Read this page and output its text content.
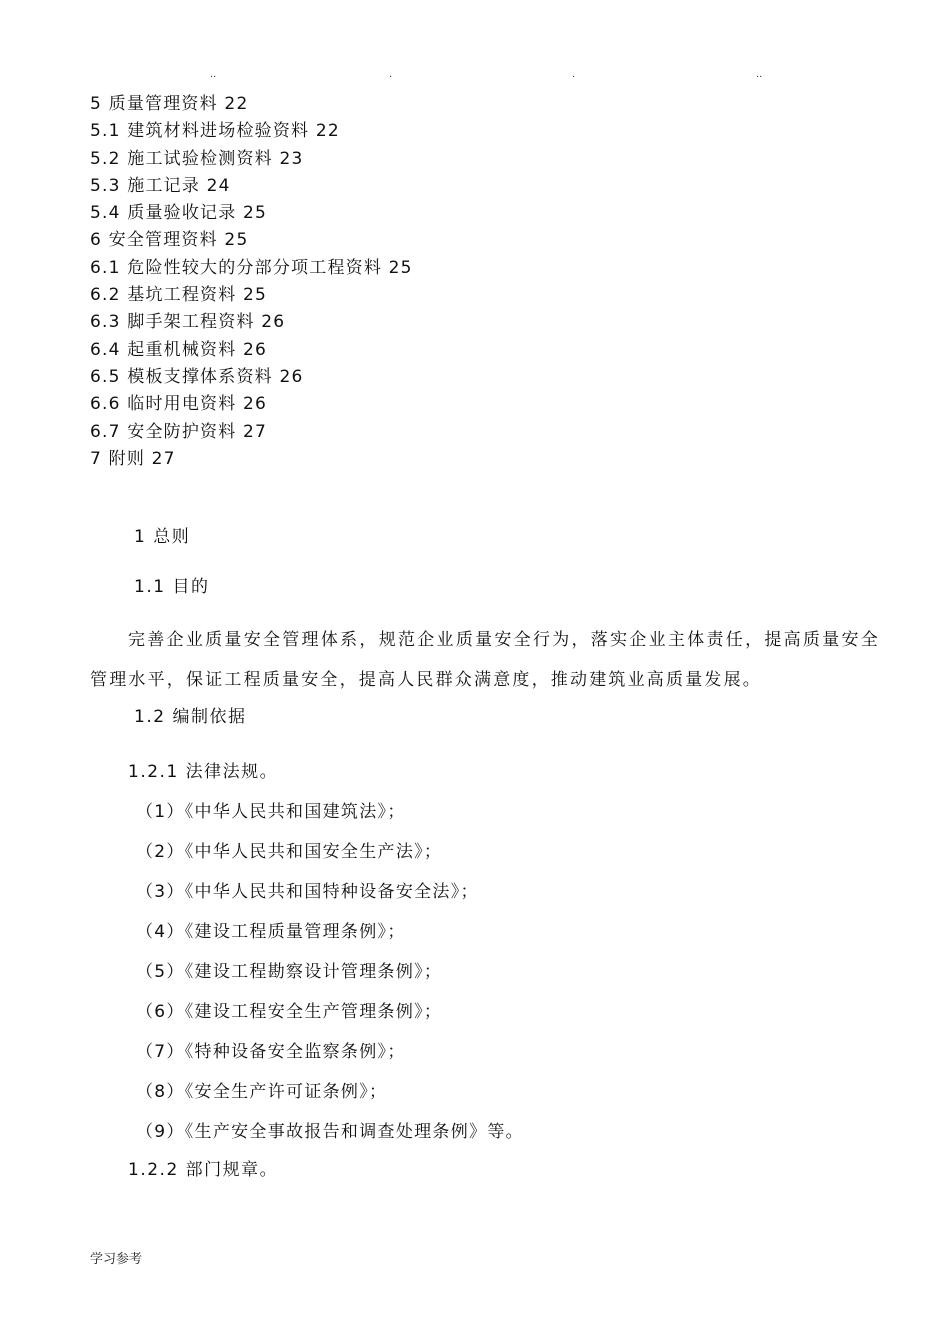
..	.	.	..
5 质量管理资料 22
5.1 建筑材料进场检验资料 22
5.2 施工试验检测资料 23
5.3 施工记录 24
5.4 质量验收记录 25
6 安全管理资料 25
6.1 危险性较大的分部分项工程资料 25
6.2 基坑工程资料 25
6.3 脚手架工程资料 26
6.4 起重机械资料 26
6.5 模板支撑体系资料 26
6.6 临时用电资料 26
6.7 安全防护资料 27
7 附则 27
1 总则
1.1 目的
完善企业质量安全管理体系，规范企业质量安全行为，落实企业主体责任，提高质量安全管理水平，保证工程质量安全，提高人民群众满意度，推动建筑业高质量发展。
1.2 编制依据
1.2.1 法律法规。
（1）《中华人民共和国建筑法》；
（2）《中华人民共和国安全生产法》；
（3）《中华人民共和国特种设备安全法》；
（4）《建设工程质量管理条例》；
（5）《建设工程勘察设计管理条例》；
（6）《建设工程安全生产管理条例》；
（7）《特种设备安全监察条例》；
（8）《安全生产许可证条例》；
（9）《生产安全事故报告和调查处理条例》等。
1.2.2 部门规章。
学习参考
